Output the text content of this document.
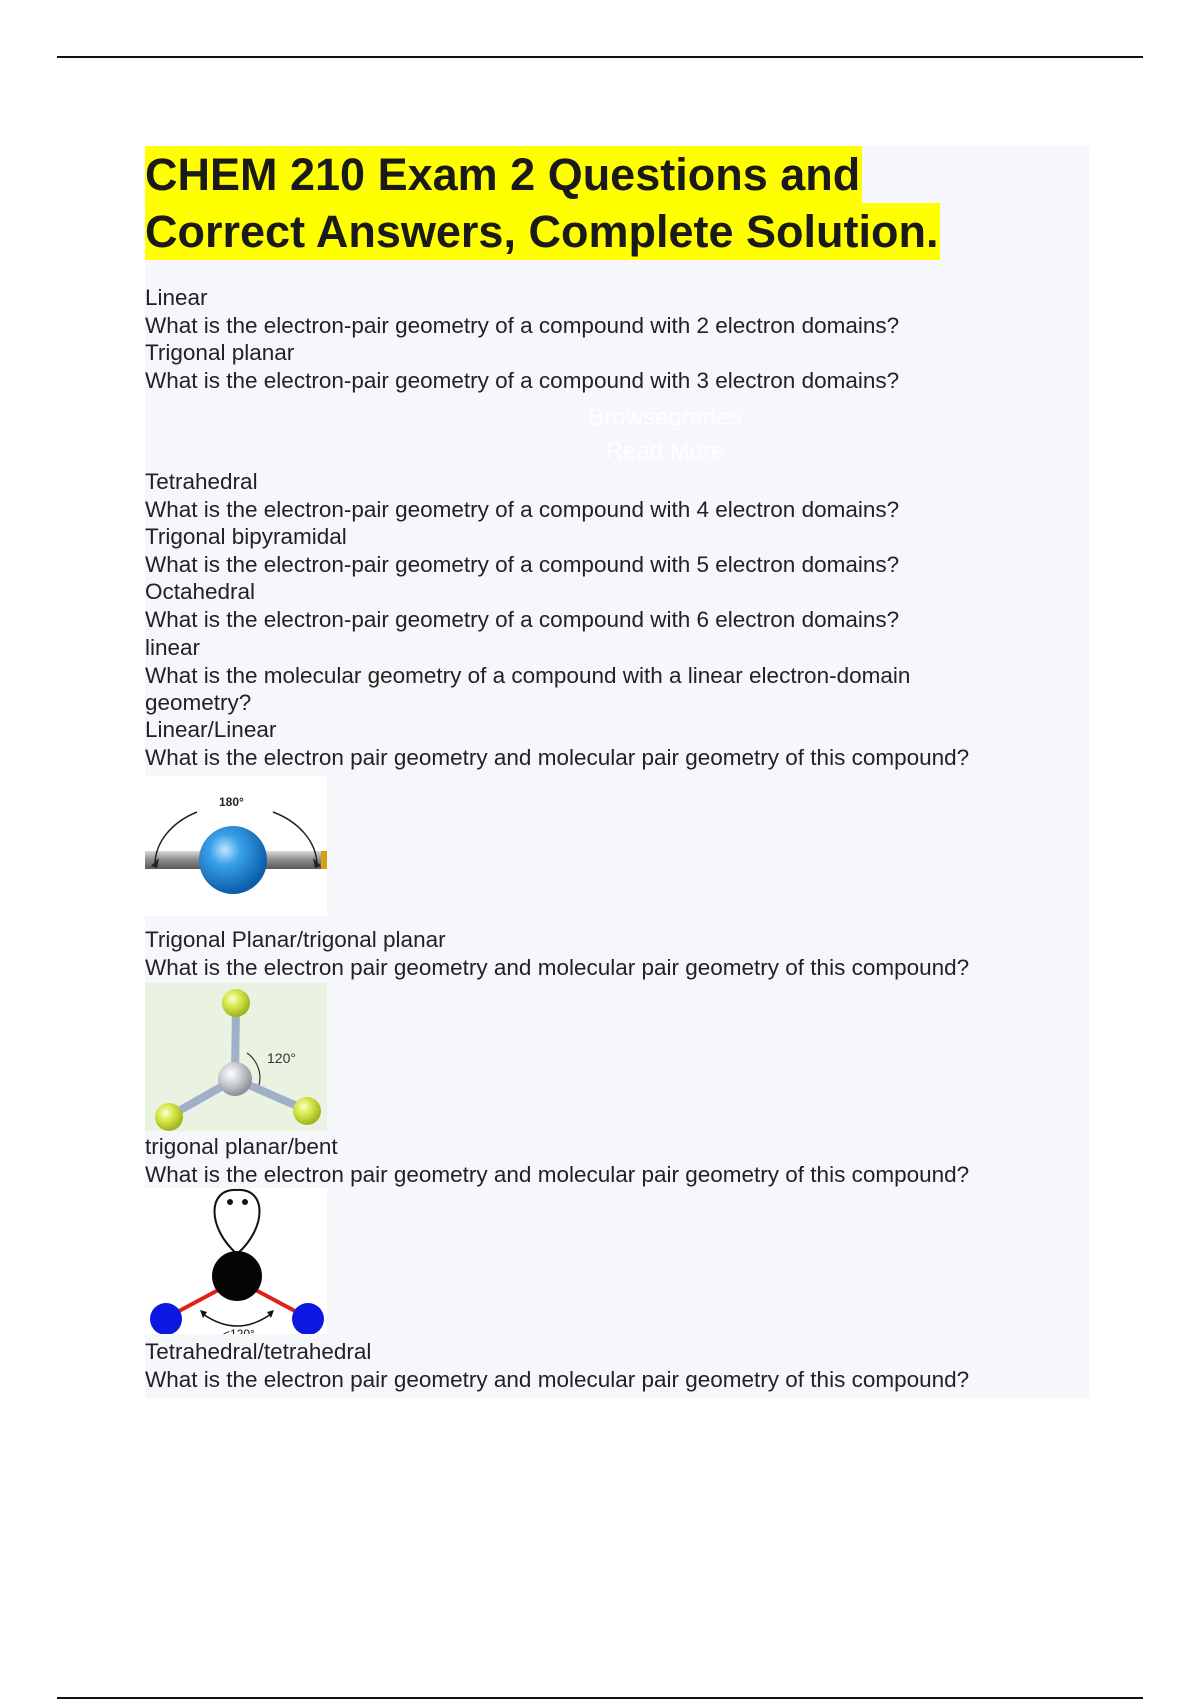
CHEM 210 Exam 2 Questions and
Correct Answers, Complete Solution.
Browsegrades
Read More
Linear
What is the electron-pair geometry of a compound with 2 electron domains?
Trigonal planar
What is the electron-pair geometry of a compound with 3 electron domains?
Tetrahedral
What is the electron-pair geometry of a compound with 4 electron domains?
Trigonal bipyramidal
What is the electron-pair geometry of a compound with 5 electron domains?
Octahedral
What is the electron-pair geometry of a compound with 6 electron domains?
linear
What is the molecular geometry of a compound with a linear electron-domain geometry?
Linear/Linear
What is the electron pair geometry and molecular pair geometry of this compound?
180°
Trigonal Planar/trigonal planar
What is the electron pair geometry and molecular pair geometry of this compound?
120°
trigonal planar/bent
What is the electron pair geometry and molecular pair geometry of this compound?
<120°
Tetrahedral/tetrahedral
What is the electron pair geometry and molecular pair geometry of this compound?
